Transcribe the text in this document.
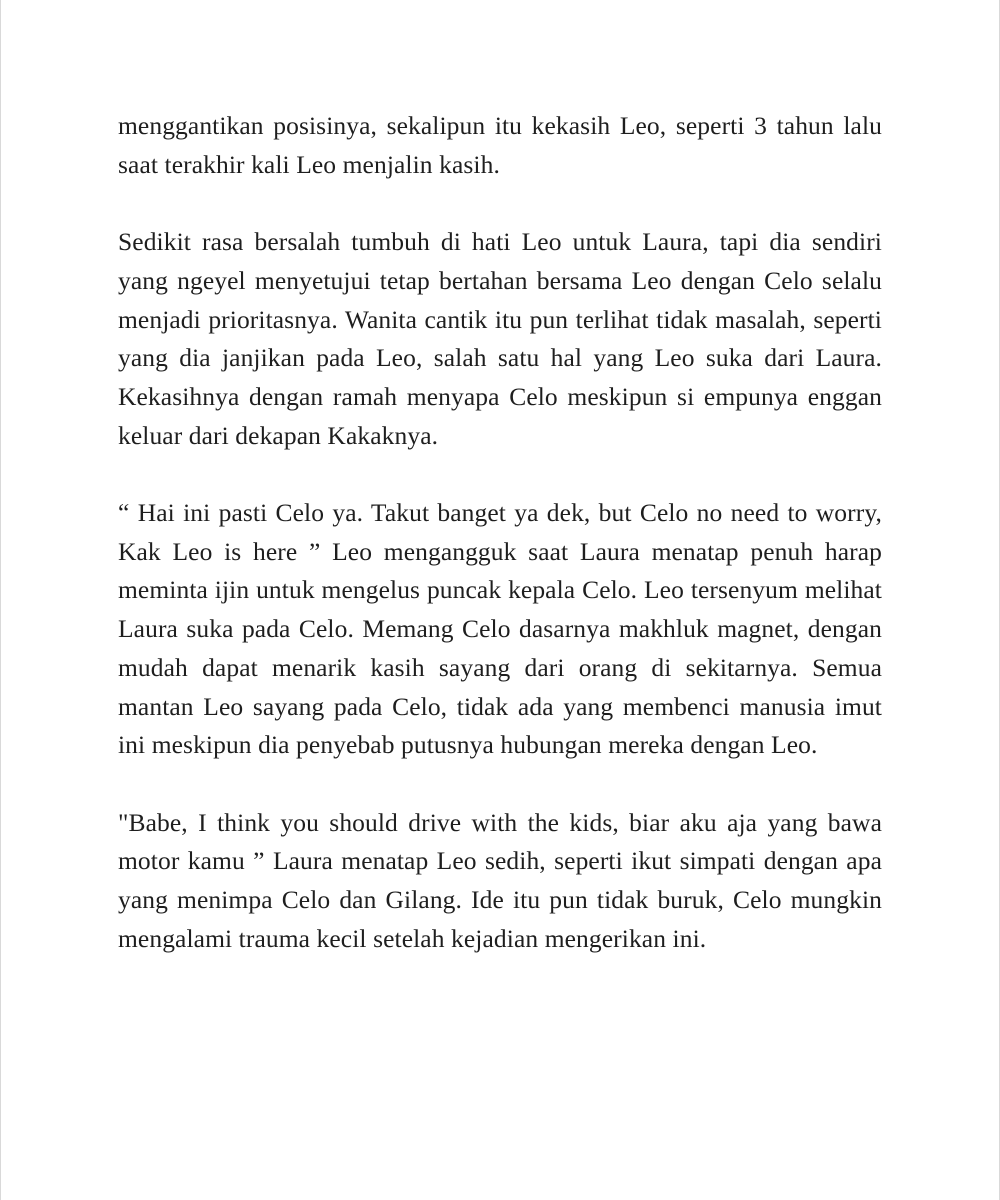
menggantikan posisinya, sekalipun itu kekasih Leo, seperti 3 tahun lalu saat terakhir kali Leo menjalin kasih.

Sedikit rasa bersalah tumbuh di hati Leo untuk Laura, tapi dia sendiri yang ngeyel menyetujui tetap bertahan bersama Leo dengan Celo selalu menjadi prioritasnya. Wanita cantik itu pun terlihat tidak masalah, seperti yang dia janjikan pada Leo, salah satu hal yang Leo suka dari Laura. Kekasihnya dengan ramah menyapa Celo meskipun si empunya enggan keluar dari dekapan Kakaknya.

“ Hai ini pasti Celo ya. Takut banget ya dek, but Celo no need to worry, Kak Leo is here ” Leo mengangguk saat Laura menatap penuh harap meminta ijin untuk mengelus puncak kepala Celo. Leo tersenyum melihat Laura suka pada Celo. Memang Celo dasarnya makhluk magnet, dengan mudah dapat menarik kasih sayang dari orang di sekitarnya. Semua mantan Leo sayang pada Celo, tidak ada yang membenci manusia imut ini meskipun dia penyebab putusnya hubungan mereka dengan Leo.

"Babe, I think you should drive with the kids, biar aku aja yang bawa motor kamu ” Laura menatap Leo sedih, seperti ikut simpati dengan apa yang menimpa Celo dan Gilang. Ide itu pun tidak buruk, Celo mungkin mengalami trauma kecil setelah kejadian mengerikan ini.
